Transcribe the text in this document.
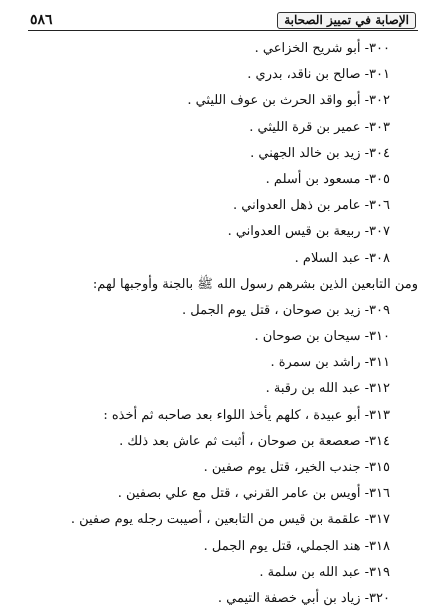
٥٨٦	الإصابة في تمييز الصحابة
٣٠٠- أبو شريح الخزاعي .
٣٠١- صالح بن ناقد، بدري .
٣٠٢- أبو واقد الحرث بن عوف الليثي .
٣٠٣- عمير بن قرة الليثي .
٣٠٤- زيد بن خالد الجهني .
٣٠٥- مسعود بن أسلم .
٣٠٦- عامر بن ذهل العدواني .
٣٠٧- ربيعة بن قيس العدواني .
٣٠٨- عبد السلام .
ومن التابعين الذين بشرهم رسول الله ﷺ بالجنة وأوجبها لهم:
٣٠٩- زيد بن صوحان ، قتل يوم الجمل .
٣١٠- سيحان بن صوحان .
٣١١- راشد بن سمرة .
٣١٢- عبد الله بن رقبة .
٣١٣- أبو عبيدة ، كلهم يأخذ اللواء بعد صاحبه ثم أخذه :
٣١٤- صعصعة بن صوحان ، أثبت ثم عاش بعد ذلك .
٣١٥- جندب الخير، قتل يوم صفين .
٣١٦- أويس بن عامر القرني ، قتل مع علي بصفين .
٣١٧- علقمة بن قيس من التابعين ، أصيبت رجله يوم صفين .
٣١٨- هند الجملي، قتل يوم الجمل .
٣١٩- عبد الله بن سلمة .
٣٢٠- زياد بن أبي خصفة التيمي .
